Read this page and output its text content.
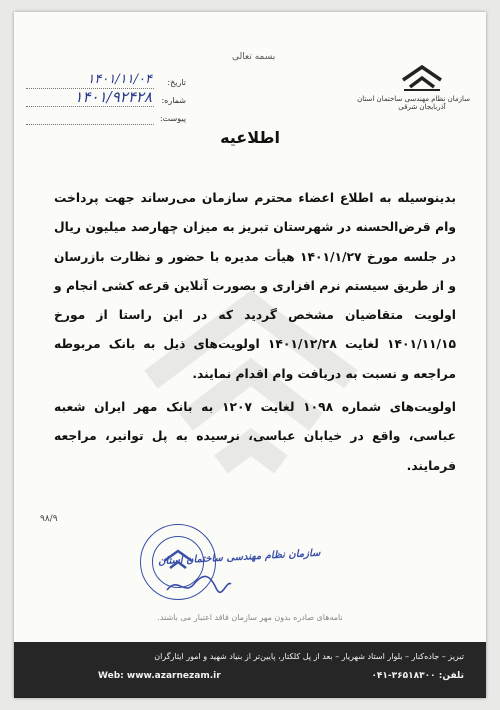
بسمه تعالی
سازمان نظام مهندسی ساختمان استان
آذربایجان شرقی
تاریخ:
۱۴۰۱/۱۱/۰۴
شماره:
۱۴۰۱/۹۲۴۲۸
پیوست:
اطلاعیه

بدینوسیله به اطلاع اعضاء محترم سازمان می‌رساند جهت پرداخت وام قرض‌الحسنه در شهرستان تبریز به میزان چهارصد میلیون ریال در جلسه مورخ ۱۴۰۱/۱/۲۷ هیأت مدیره با حضور و نظارت بازرسان و از طریق سیستم نرم افزاری و بصورت آنلاین قرعه کشی انجام و اولویت متقاضیان مشخص گردید که در این راستا از مورخ ۱۴۰۱/۱۱/۱۵ لغایت ۱۴۰۱/۱۲/۲۸ اولویت‌های ذیل به بانک مربوطه مراجعه و نسبت به دریافت وام اقدام نمایند.

اولویت‌های شماره ۱۰۹۸ لغایت ۱۲۰۷ به بانک مهر ایران شعبه عباسی، واقع در خیابان عباسی، نرسیده به پل توانیر، مراجعه فرمایند.

۹۸/۹
سازمان نظام مهندسی ساختمان استان
نامه‌های صادره بدون مهر سازمان فاقد اعتبار می باشند.
تبریز – جاده‌کنار – بلوار استاد شهریار – بعد از پل کلکتار، پایین‌تر از بنیاد شهید و امور ایثارگران
Web: www.azarnezam.ir	تلفن: ۳۶۵۱۸۳۰۰-۰۴۱
